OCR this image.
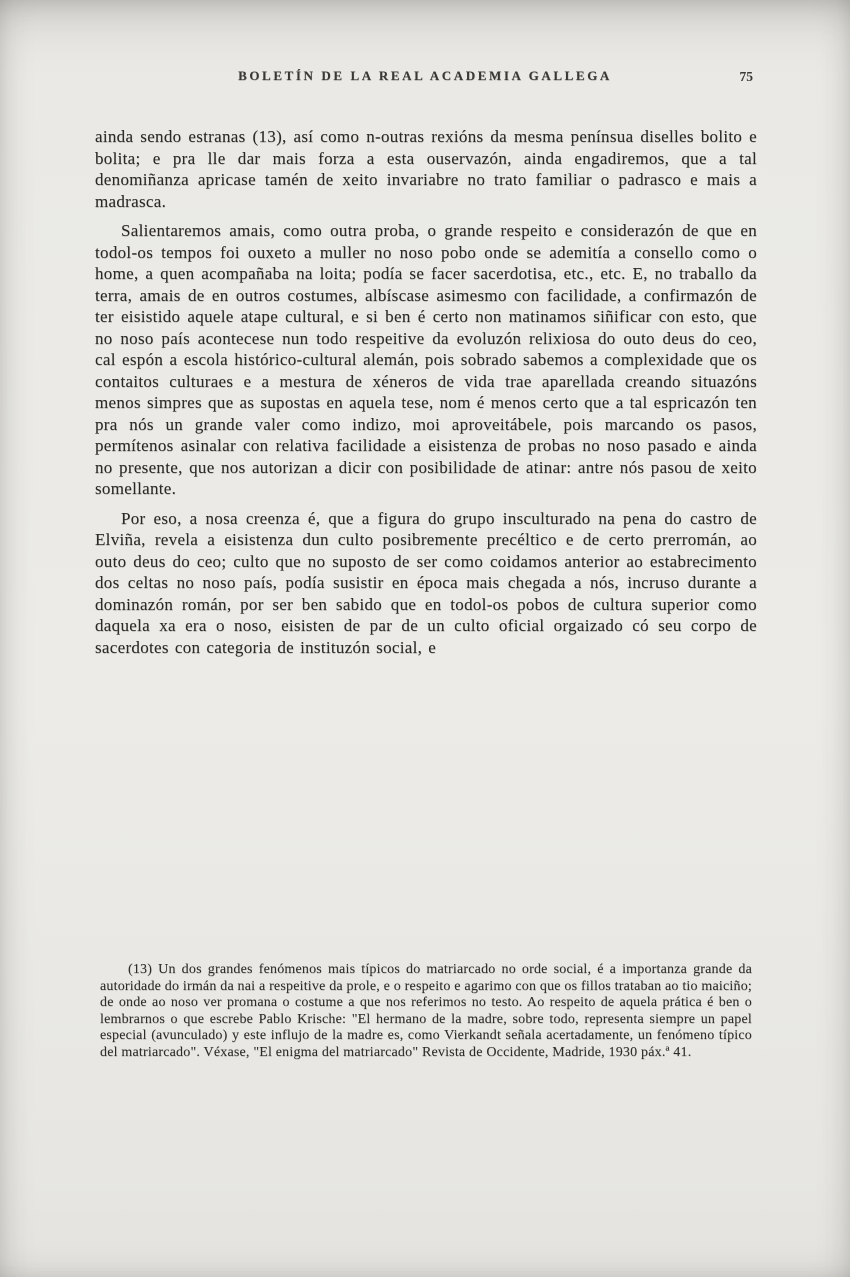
BOLETÍN DE LA REAL ACADEMIA GALLEGA	75

ainda sendo estranas (13), así como n-outras rexións da mesma penínsua diselles bolito e bolita; e pra lle dar mais forza a esta ouservazón, ainda engadiremos, que a tal denomiñanza apricase tamén de xeito invariabre no trato familiar o padrasco e mais a madrasca.

Salientaremos amais, como outra proba, o grande respeito e considerazón de que en todol-os tempos foi ouxeto a muller no noso pobo onde se ademitía a consello como o home, a quen acompañaba na loita; podía se facer sacerdotisa, etc., etc. E, no traballo da terra, amais de en outros costumes, albíscase asimesmo con facilidade, a confirmazón de ter eisistido aquele atape cultural, e si ben é certo non matinamos siñificar con esto, que no noso país acontecese nun todo respeitive da evoluzón relixiosa do outo deus do ceo, cal espón a escola histórico-cultural alemán, pois sobrado sabemos a complexidade que os contaitos culturaes e a mestura de xéneros de vida trae aparellada creando situazóns menos simpres que as supostas en aquela tese, nom é menos certo que a tal espricazón ten pra nós un grande valer como indizo, moi aproveitábele, pois marcando os pasos, permítenos asinalar con relativa facilidade a eisistenza de probas no noso pasado e ainda no presente, que nos autorizan a dicir con posibilidade de atinar: antre nós pasou de xeito somellante.

Por eso, a nosa creenza é, que a figura do grupo insculturado na pena do castro de Elviña, revela a eisistenza dun culto posibremente precéltico e de certo prerromán, ao outo deus do ceo; culto que no suposto de ser como coidamos anterior ao estabrecimento dos celtas no noso país, podía susistir en época mais chegada a nós, incruso durante a dominazón román, por ser ben sabido que en todol-os pobos de cultura superior como daquela xa era o noso, eisisten de par de un culto oficial orgaizado có seu corpo de sacerdotes con categoria de instituzón social, e

(13) Un dos grandes fenómenos mais típicos do matriarcado no orde social, é a importanza grande da autoridade do irmán da nai a respeitive da prole, e o respeito e agarimo con que os fillos trataban ao tio maiciño; de onde ao noso ver promana o costume a que nos referimos no testo. Ao respeito de aquela prática é ben o lembrarnos o que escrebe Pablo Krische: "El hermano de la madre, sobre todo, representa siempre un papel especial (avunculado) y este influjo de la madre es, como Vierkandt señala acertadamente, un fenómeno típico del matriarcado". Véxase, "El enigma del matriarcado" Revista de Occidente, Madride, 1930 páx.ª 41.
